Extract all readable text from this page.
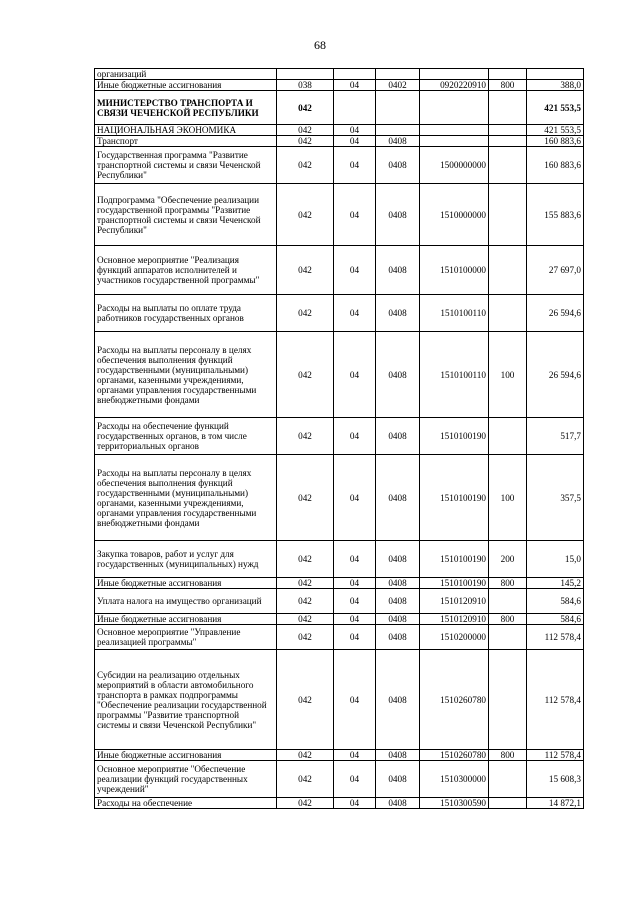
68
организаций						
Иные бюджетные ассигнования	038	04	0402	0920220910	800	388,0
МИНИСТЕРСТВО ТРАНСПОРТА И СВЯЗИ ЧЕЧЕНСКОЙ РЕСПУБЛИКИ	042					421 553,5
НАЦИОНАЛЬНАЯ ЭКОНОМИКА	042	04				421 553,5
Транспорт	042	04	0408			160 883,6
Государственная программа "Развитие транспортной системы и связи Чеченской Республики"	042	04	0408	1500000000		160 883,6
Подпрограмма "Обеспечение реализации государственной программы "Развитие транспортной системы и связи Чеченской Республики"	042	04	0408	1510000000		155 883,6
Основное мероприятие "Реализация функций аппаратов исполнителей и участников государственной программы"	042	04	0408	1510100000		27 697,0
Расходы на выплаты по оплате труда работников государственных органов	042	04	0408	1510100110		26 594,6
Расходы на выплаты персоналу в целях обеспечения выполнения функций государственными (муниципальными) органами, казенными учреждениями, органами управления государственными внебюджетными фондами	042	04	0408	1510100110	100	26 594,6
Расходы на обеспечение функций государственных органов, в том числе территориальных органов	042	04	0408	1510100190		517,7
Расходы на выплаты персоналу в целях обеспечения выполнения функций государственными (муниципальными) органами, казенными учреждениями, органами управления государственными внебюджетными фондами	042	04	0408	1510100190	100	357,5
Закупка товаров, работ и услуг для государственных (муниципальных) нужд	042	04	0408	1510100190	200	15,0
Иные бюджетные ассигнования	042	04	0408	1510100190	800	145,2
Уплата налога на имущество организаций	042	04	0408	1510120910		584,6
Иные бюджетные ассигнования	042	04	0408	1510120910	800	584,6
Основное мероприятие "Управление реализацией программы"	042	04	0408	1510200000		112 578,4
Субсидии на реализацию отдельных мероприятий в области автомобильного транспорта в рамках подпрограммы "Обеспечение реализации государственной программы "Развитие транспортной системы и связи Чеченской Республики"	042	04	0408	1510260780		112 578,4
Иные бюджетные ассигнования	042	04	0408	1510260780	800	112 578,4
Основное мероприятие "Обеспечение реализации функций государственных учреждений"	042	04	0408	1510300000		15 608,3
Расходы на обеспечение	042	04	0408	1510300590		14 872,1
